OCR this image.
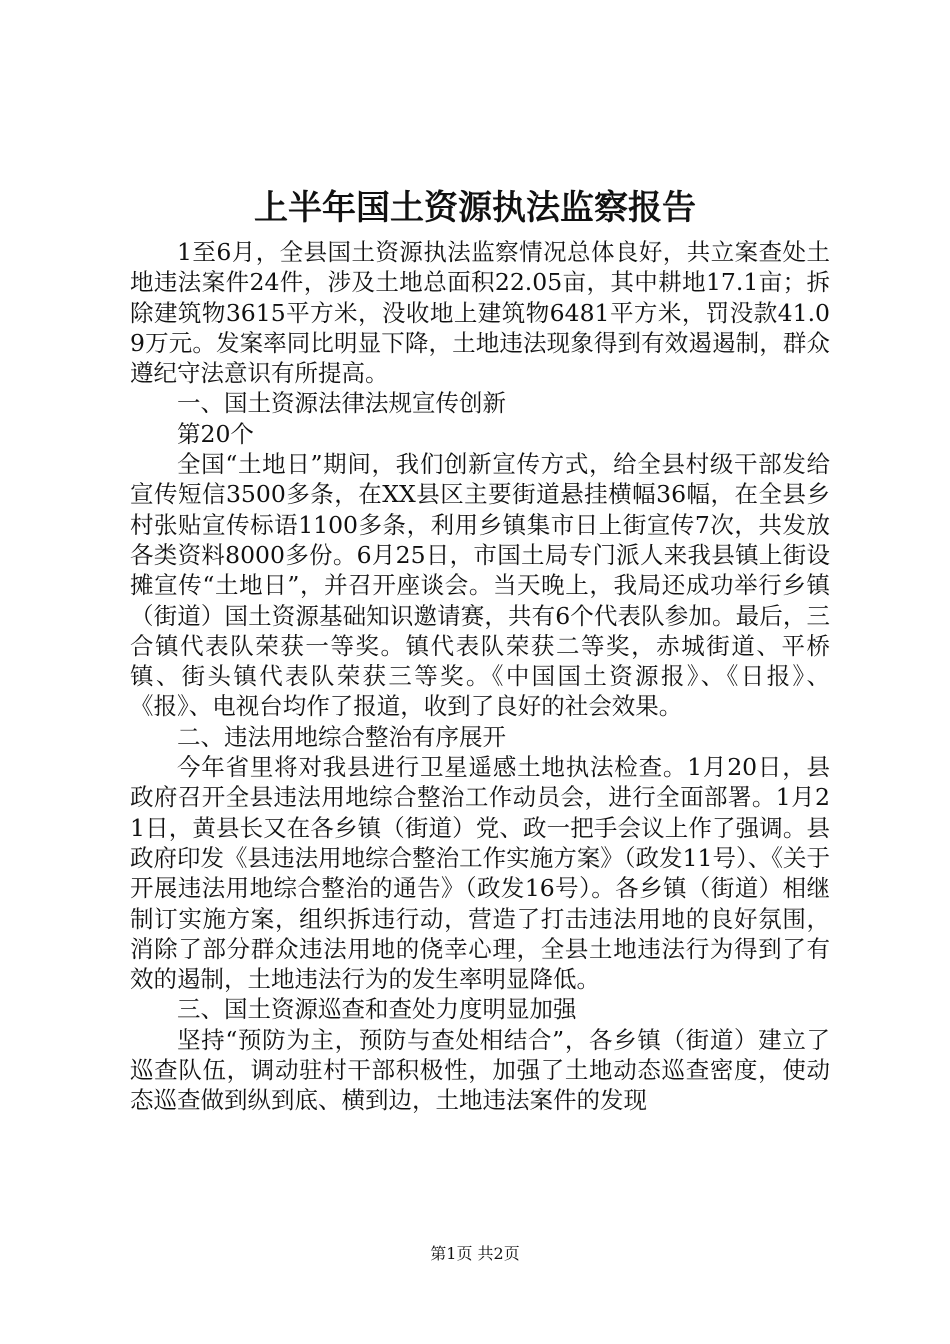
上半年国土资源执法监察报告

1至6月，全县国土资源执法监察情况总体良好，共立案查处土地违法案件24件，涉及土地总面积22.05亩，其中耕地17.1亩；拆除建筑物3615平方米，没收地上建筑物6481平方米，罚没款41.09万元。发案率同比明显下降，土地违法现象得到有效遏遏制，群众遵纪守法意识有所提高。

一、国土资源法律法规宣传创新

第20个

全国“土地日”期间，我们创新宣传方式，给全县村级干部发给宣传短信3500多条，在XX县区主要街道悬挂横幅36幅，在全县乡村张贴宣传标语1100多条，利用乡镇集市日上街宣传7次，共发放各类资料8000多份。6月25日，市国土局专门派人来我县镇上街设摊宣传“土地日”，并召开座谈会。当天晚上，我局还成功举行乡镇（街道）国土资源基础知识邀请赛，共有6个代表队参加。最后，三合镇代表队荣获一等奖。镇代表队荣获二等奖，赤城街道、平桥镇、街头镇代表队荣获三等奖。《中国国土资源报》、《日报》、《报》、电视台均作了报道，收到了良好的社会效果。

二、违法用地综合整治有序展开

今年省里将对我县进行卫星遥感土地执法检查。1月20日，县政府召开全县违法用地综合整治工作动员会，进行全面部署。1月21日，黄县长又在各乡镇（街道）党、政一把手会议上作了强调。县政府印发《县违法用地综合整治工作实施方案》（政发11号）、《关于开展违法用地综合整治的通告》（政发16号）。各乡镇（街道）相继制订实施方案，组织拆违行动，营造了打击违法用地的良好氛围，消除了部分群众违法用地的侥幸心理，全县土地违法行为得到了有效的遏制，土地违法行为的发生率明显降低。

三、国土资源巡查和查处力度明显加强

坚持“预防为主，预防与查处相结合”，各乡镇（街道）建立了巡查队伍，调动驻村干部积极性，加强了土地动态巡查密度，使动态巡查做到纵到底、横到边，土地违法案件的发现

第1页 共2页
